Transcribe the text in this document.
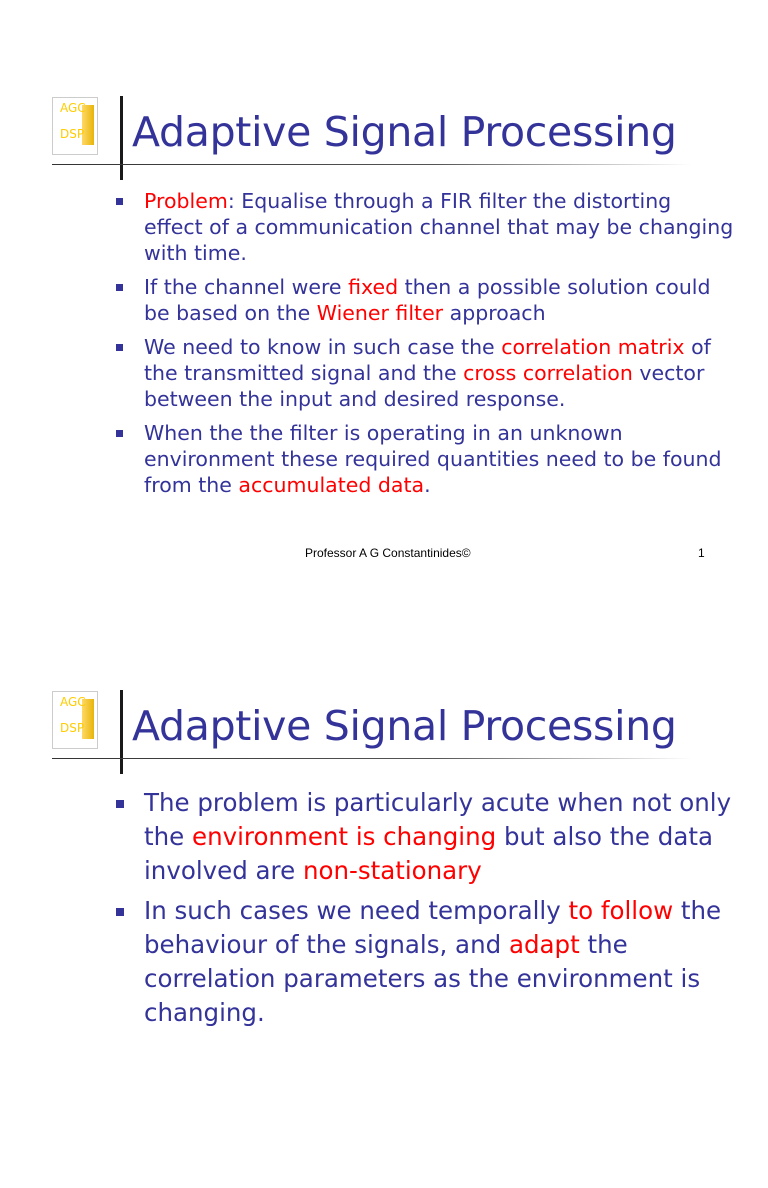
AGC
DSP Adaptive Signal Processing
Problem: Equalise through a FIR filter the distorting effect of a communication channel that may be changing with time.
If the channel were fixed then a possible solution could be based on the Wiener filter approach
We need to know in such case the correlation matrix of the transmitted signal and the cross correlation vector between the input and desired response.
When the the filter is operating in an unknown environment these required quantities need to be found from the accumulated data.
Professor A G Constantinides©	1
AGC
DSP Adaptive Signal Processing
The problem is particularly acute when not only the environment is changing but also the data involved are non-stationary
In such cases we need temporally to follow the behaviour of the signals, and adapt the correlation parameters as the environment is changing.
